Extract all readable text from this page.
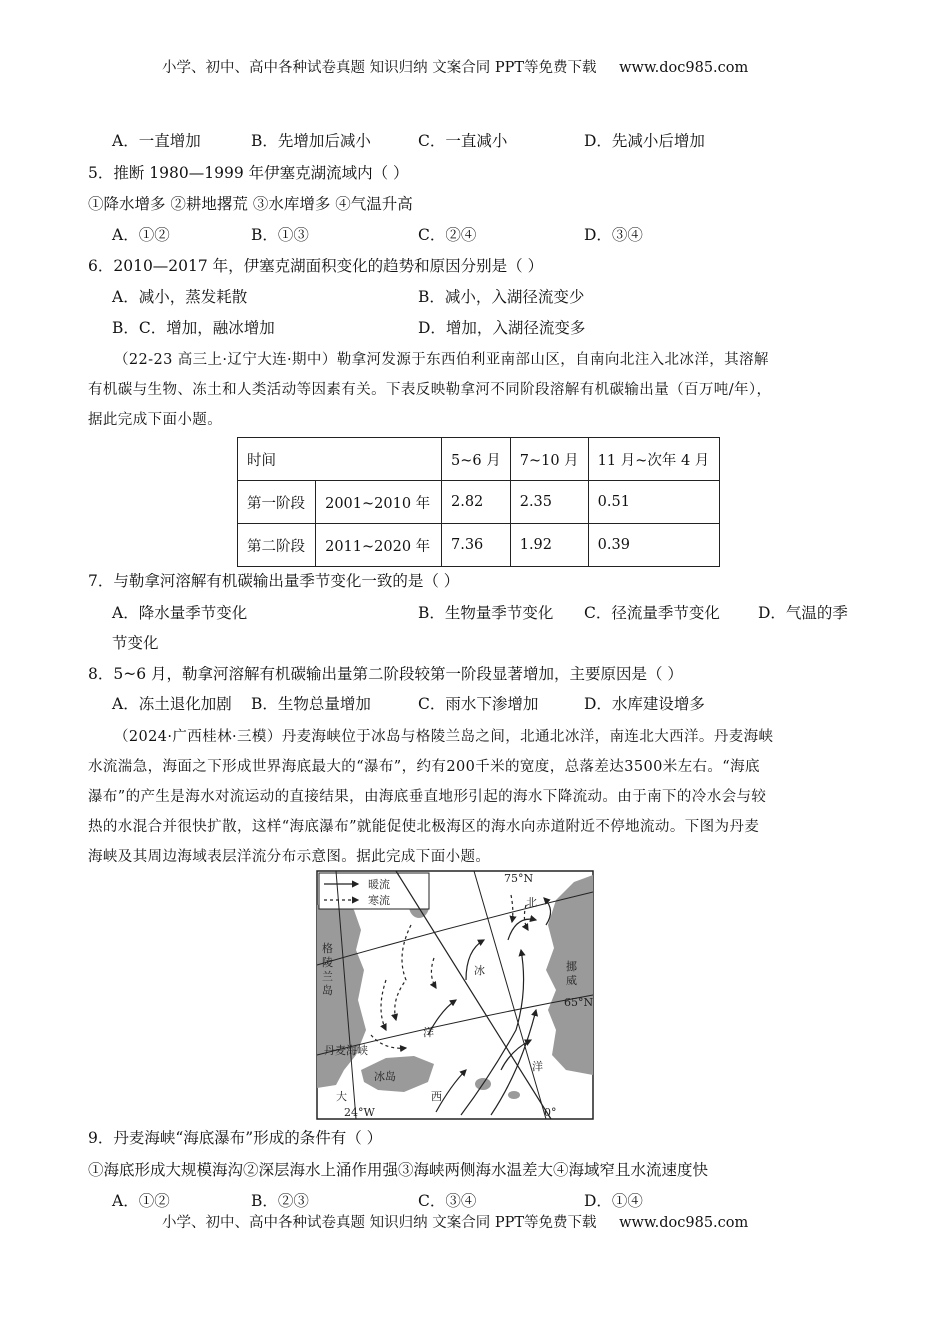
小学、初中、高中各种试卷真题 知识归纳 文案合同 PPT等免费下载 www.doc985.com
A．一直增加	B．先增加后减小	C．一直减小	D．先减小后增加
5．推断 1980—1999 年伊塞克湖流域内（ ）
①降水增多 ②耕地撂荒 ③水库增多 ④气温升高
A．①②	B．①③	C．②④	D．③④
6．2010—2017 年，伊塞克湖面积变化的趋势和原因分别是（ ）
A．减小，蒸发耗散	B．减小，入湖径流变少
B．C．增加，融冰增加	D．增加，入湖径流变多

（22-23 高三上·辽宁大连·期中）勒拿河发源于东西伯利亚南部山区，自南向北注入北冰洋，其溶解

有机碳与生物、冻土和人类活动等因素有关。下表反映勒拿河不同阶段溶解有机碳输出量（百万吨/年），

据此完成下面小题。

时间		5~6 月	7~10 月	11 月~次年 4 月
第一阶段	2001~2010 年	2.82	2.35	0.51
第二阶段	2011~2020 年	7.36	1.92	0.39
7．与勒拿河溶解有机碳输出量季节变化一致的是（ ）
A．降水量季节变化	B．生物量季节变化 C．径流量季节变化 D．气温的季
节变化
8．5~6 月，勒拿河溶解有机碳输出量第二阶段较第一阶段显著增加，主要原因是（ ）
A．冻土退化加剧 B．生物总量增加	C．雨水下渗增加	D．水库建设增多

（2024·广西桂林·三模）丹麦海峡位于冰岛与格陵兰岛之间，北通北冰洋，南连北大西洋。丹麦海峡

水流湍急，海面之下形成世界海底最大的“瀑布”，约有200千米的宽度，总落差达3500米左右。“海底

瀑布”的产生是海水对流运动的直接结果，由海底垂直地形引起的海水下降流动。由于南下的冷水会与较

热的水混合并很快扩散，这样“海底瀑布”就能促使北极海区的海水向赤道附近不停地流动。下图为丹麦

海峡及其周边海域表层洋流分布示意图。据此完成下面小题。

暖流
寒流
75°N
65°N
24°W	0°
格
陵
兰
岛
挪
威
北
冰
洋
洋
丹麦海峡
冰岛
大	西
9．丹麦海峡“海底瀑布”形成的条件有（ ）
①海底形成大规模海沟②深层海水上涌作用强③海峡两侧海水温差大④海域窄且水流速度快
A．①②	B．②③	C．③④	D．①④
小学、初中、高中各种试卷真题 知识归纳 文案合同 PPT等免费下载 www.doc985.com
